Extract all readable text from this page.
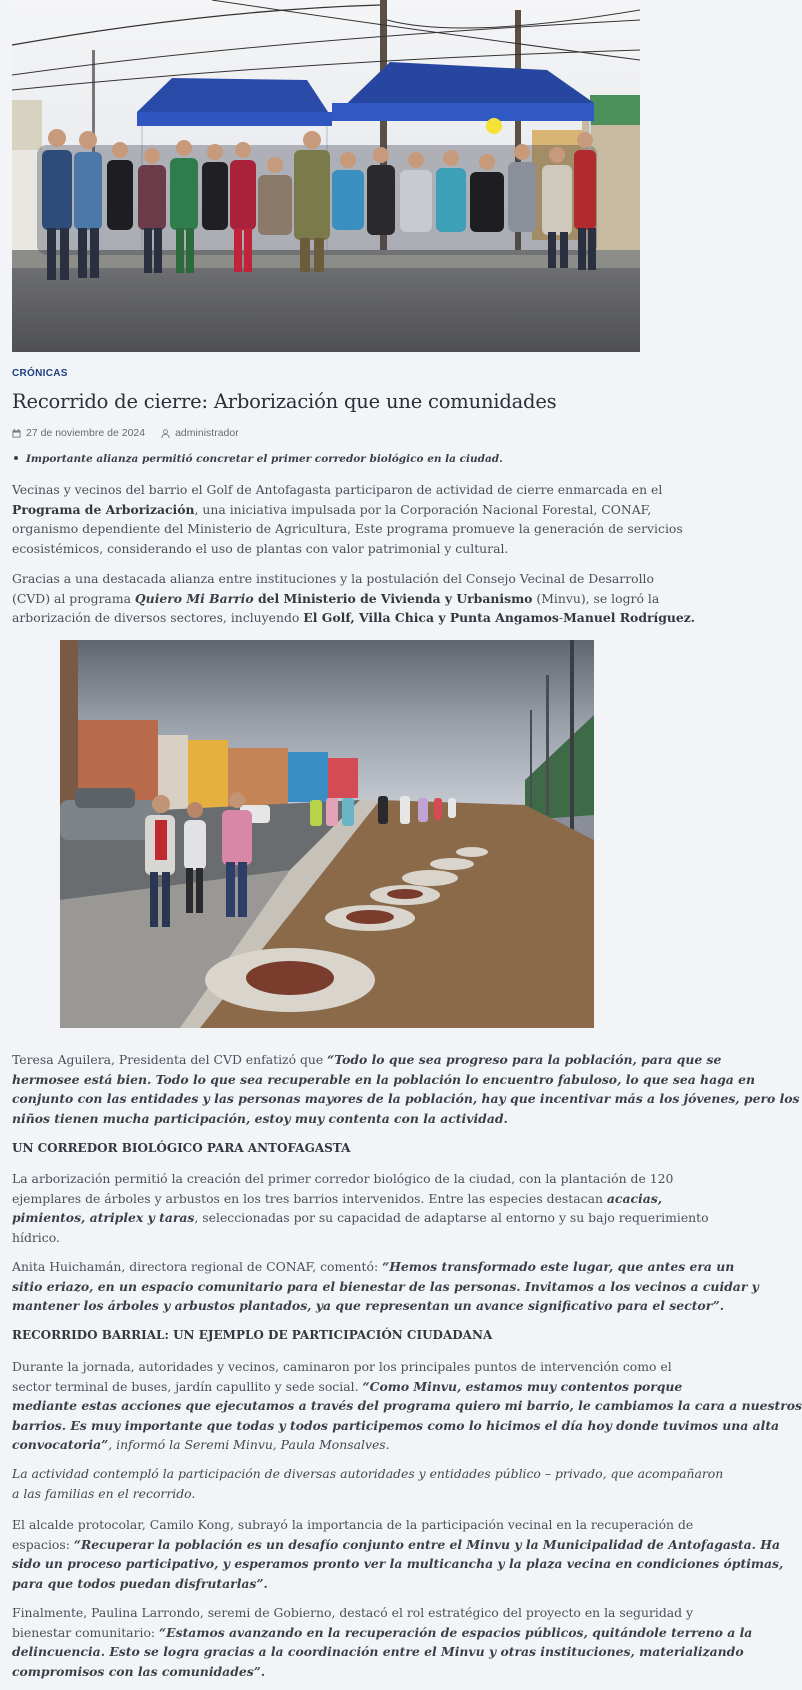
CRÓNICAS
Recorrido de cierre: Arborización que une comunidades
27 de noviembre de 2024	administrador
Importante alianza permitió concretar el primer corredor biológico en la ciudad.
Vecinas y vecinos del barrio el Golf de Antofagasta participaron de actividad de cierre enmarcada en el
Programa de Arborización, una iniciativa impulsada por la Corporación Nacional Forestal, CONAF,
organismo dependiente del Ministerio de Agricultura, Este programa promueve la generación de servicios
ecosistémicos, considerando el uso de plantas con valor patrimonial y cultural.
Gracias a una destacada alianza entre instituciones y la postulación del Consejo Vecinal de Desarrollo
(CVD) al programa Quiero Mi Barrio del Ministerio de Vivienda y Urbanismo (Minvu), se logró la
arborización de diversos sectores, incluyendo El Golf, Villa Chica y Punta Angamos-Manuel Rodríguez.
Teresa Aguilera, Presidenta del CVD enfatizó que “Todo lo que sea progreso para la población, para que se
hermosee está bien. Todo lo que sea recuperable en la población lo encuentro fabuloso, lo que sea haga en
conjunto con las entidades y las personas mayores de la población, hay que incentivar más a los jóvenes, pero los
niños tienen mucha participación, estoy muy contenta con la actividad.
UN CORREDOR BIOLÓGICO PARA ANTOFAGASTA
La arborización permitió la creación del primer corredor biológico de la ciudad, con la plantación de 120
ejemplares de árboles y arbustos en los tres barrios intervenidos. Entre las especies destacan acacias,
pimientos, atriplex y taras, seleccionadas por su capacidad de adaptarse al entorno y su bajo requerimiento
hídrico.
Anita Huichamán, directora regional de CONAF, comentó: “Hemos transformado este lugar, que antes era un
sitio eriazo, en un espacio comunitario para el bienestar de las personas. Invitamos a los vecinos a cuidar y
mantener los árboles y arbustos plantados, ya que representan un avance significativo para el sector”.
RECORRIDO BARRIAL: UN EJEMPLO DE PARTICIPACIÓN CIUDADANA
Durante la jornada, autoridades y vecinos, caminaron por los principales puntos de intervención como el
sector terminal de buses, jardín capullito y sede social. “Como Minvu, estamos muy contentos porque
mediante estas acciones que ejecutamos a través del programa quiero mi barrio, le cambiamos la cara a nuestros
barrios. Es muy importante que todas y todos participemos como lo hicimos el día hoy donde tuvimos una alta
convocatoria”, informó la Seremi Minvu, Paula Monsalves.
La actividad contempló la participación de diversas autoridades y entidades público – privado, que acompañaron
a las familias en el recorrido.
El alcalde protocolar, Camilo Kong, subrayó la importancia de la participación vecinal en la recuperación de
espacios: “Recuperar la población es un desafío conjunto entre el Minvu y la Municipalidad de Antofagasta. Ha
sido un proceso participativo, y esperamos pronto ver la multicancha y la plaza vecina en condiciones óptimas,
para que todos puedan disfrutarlas”.
Finalmente, Paulina Larrondo, seremi de Gobierno, destacó el rol estratégico del proyecto en la seguridad y
bienestar comunitario: “Estamos avanzando en la recuperación de espacios públicos, quitándole terreno a la
delincuencia. Esto se logra gracias a la coordinación entre el Minvu y otras instituciones, materializando
compromisos con las comunidades”.
